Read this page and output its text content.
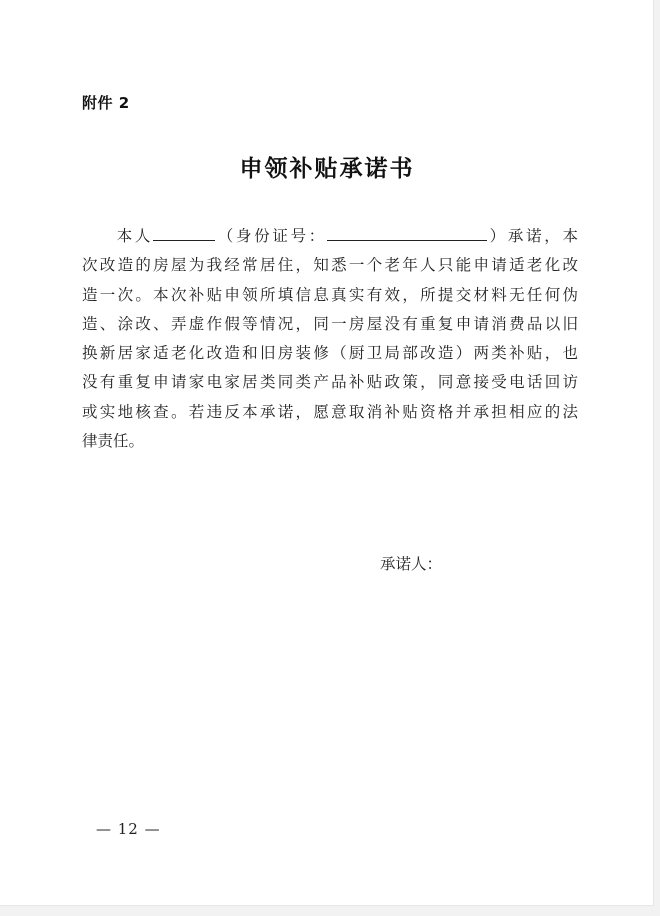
附件 2
申领补贴承诺书
本人	（身份证号：	）承诺，本
次改造的房屋为我经常居住，知悉一个老年人只能申请适老化改
造一次。本次补贴申领所填信息真实有效，所提交材料无任何伪
造、涂改、弄虚作假等情况，同一房屋没有重复申请消费品以旧
换新居家适老化改造和旧房装修（厨卫局部改造）两类补贴，也
没有重复申请家电家居类同类产品补贴政策，同意接受电话回访
或实地核查。若违反本承诺，愿意取消补贴资格并承担相应的法
律责任。
承诺人：
— 12 —
